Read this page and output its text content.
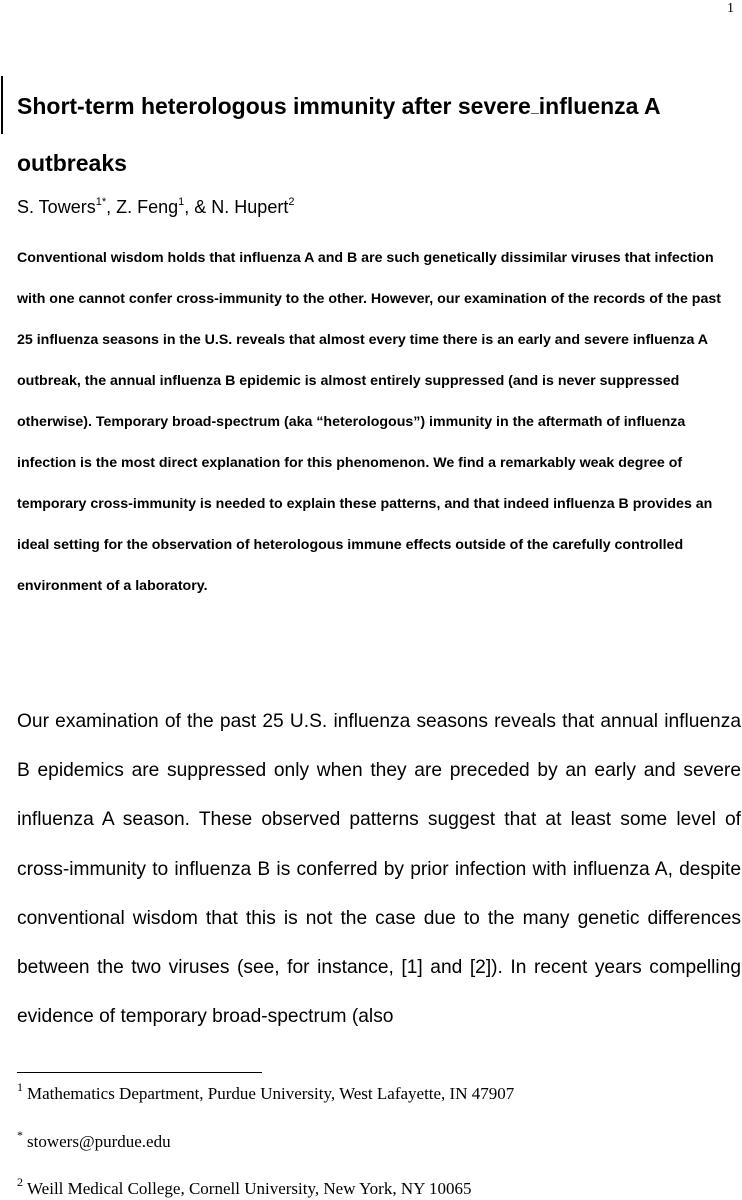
1
Short-term heterologous immunity after severe influenza A outbreaks
S. Towers$^{1*}$, Z. Feng$^1$, & N. Hupert$^2$

Conventional wisdom holds that influenza A and B are such genetically dissimilar viruses that infection with one cannot confer cross-immunity to the other. However, our examination of the records of the past 25 influenza seasons in the U.S. reveals that almost every time there is an early and severe influenza A outbreak, the annual influenza B epidemic is almost entirely suppressed (and is never suppressed otherwise). Temporary broad-spectrum (aka “heterologous”) immunity in the aftermath of influenza infection is the most direct explanation for this phenomenon. We find a remarkably weak degree of temporary cross-immunity is needed to explain these patterns, and that indeed influenza B provides an ideal setting for the observation of heterologous immune effects outside of the carefully controlled environment of a laboratory.

Our examination of the past 25 U.S. influenza seasons reveals that annual influenza B epidemics are suppressed only when they are preceded by an early and severe influenza A season. These observed patterns suggest that at least some level of cross-immunity to influenza B is conferred by prior infection with influenza A, despite conventional wisdom that this is not the case due to the many genetic differences between the two viruses (see, for instance, [1] and [2]). In recent years compelling evidence of temporary broad-spectrum (also

$^1$ Mathematics Department, Purdue University, West Lafayette, IN 47907
* stowers@purdue.edu
$^2$ Weill Medical College, Cornell University, New York, NY 10065
